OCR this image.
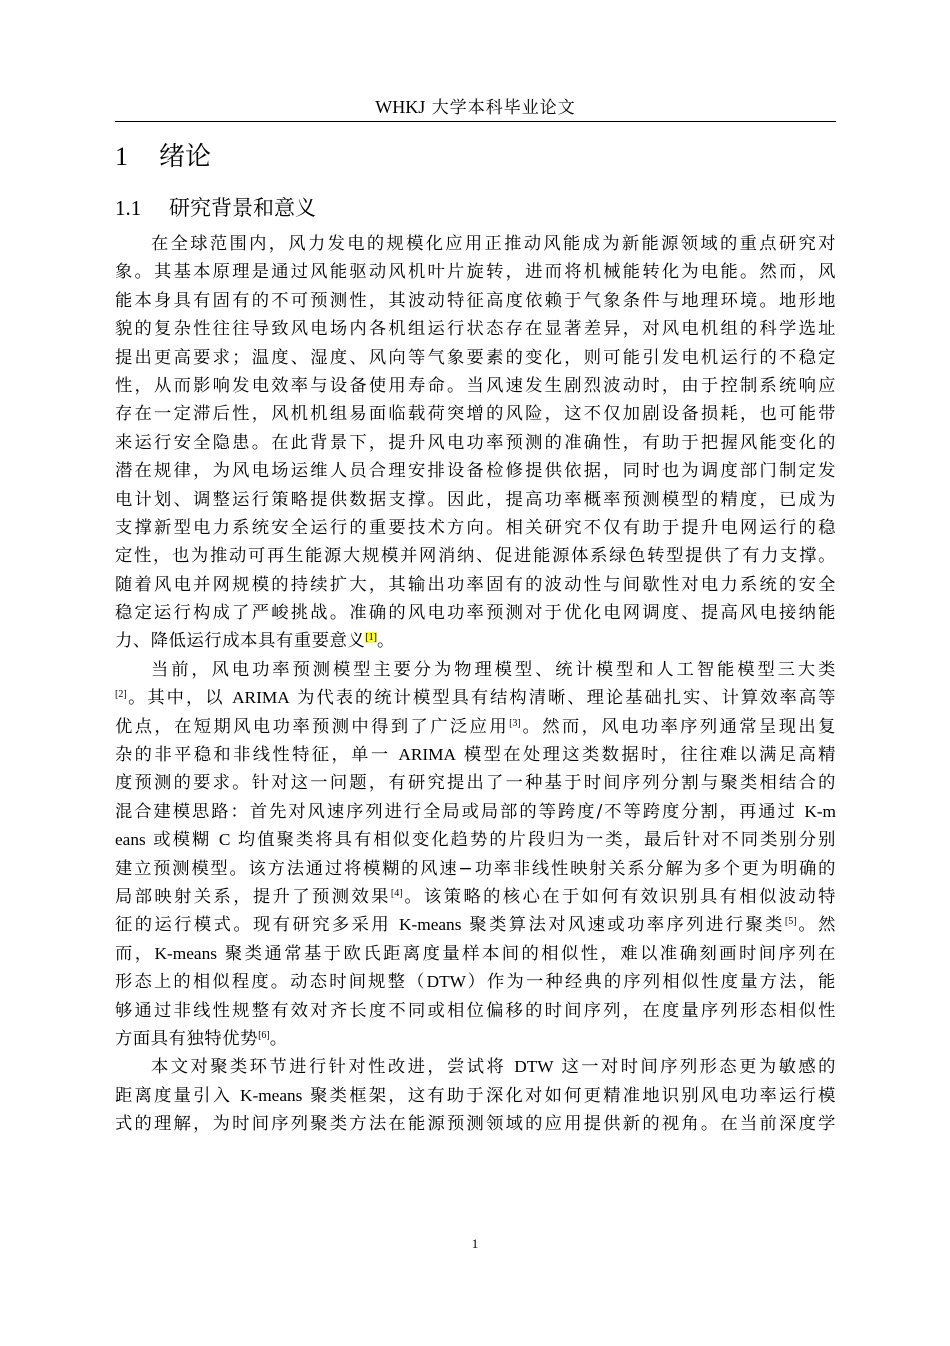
WHKJ 大学本科毕业论文
1 绪论
1.1 研究背景和意义
在全球范围内，风力发电的规模化应用正推动风能成为新能源领域的重点研究对
象。其基本原理是通过风能驱动风机叶片旋转，进而将机械能转化为电能。然而，风
能本身具有固有的不可预测性，其波动特征高度依赖于气象条件与地理环境。地形地
貌的复杂性往往导致风电场内各机组运行状态存在显著差异，对风电机组的科学选址
提出更高要求；温度、湿度、风向等气象要素的变化，则可能引发电机运行的不稳定
性，从而影响发电效率与设备使用寿命。当风速发生剧烈波动时，由于控制系统响应
存在一定滞后性，风机机组易面临载荷突增的风险，这不仅加剧设备损耗，也可能带
来运行安全隐患。在此背景下，提升风电功率预测的准确性，有助于把握风能变化的
潜在规律，为风电场运维人员合理安排设备检修提供依据，同时也为调度部门制定发
电计划、调整运行策略提供数据支撑。因此，提高功率概率预测模型的精度，已成为
支撑新型电力系统安全运行的重要技术方向。相关研究不仅有助于提升电网运行的稳
定性，也为推动可再生能源大规模并网消纳、促进能源体系绿色转型提供了有力支撑。
随着风电并网规模的持续扩大，其输出功率固有的波动性与间歇性对电力系统的安全
稳定运行构成了严峻挑战。准确的风电功率预测对于优化电网调度、提高风电接纳能
力、降低运行成本具有重要意义[1]。
当前，风电功率预测模型主要分为物理模型、统计模型和人工智能模型三大类
[2]。其中，以 ARIMA 为代表的统计模型具有结构清晰、理论基础扎实、计算效率高等
优点，在短期风电功率预测中得到了广泛应用[3]。然而，风电功率序列通常呈现出复
杂的非平稳和非线性特征，单一 ARIMA 模型在处理这类数据时，往往难以满足高精
度预测的要求。针对这一问题，有研究提出了一种基于时间序列分割与聚类相结合的
混合建模思路：首先对风速序列进行全局或局部的等跨度/不等跨度分割，再通过 K-m
eans 或模糊 C 均值聚类将具有相似变化趋势的片段归为一类，最后针对不同类别分别
建立预测模型。该方法通过将模糊的风速−功率非线性映射关系分解为多个更为明确的
局部映射关系，提升了预测效果[4]。该策略的核心在于如何有效识别具有相似波动特
征的运行模式。现有研究多采用 K-means 聚类算法对风速或功率序列进行聚类[5]。然
而，K-means 聚类通常基于欧氏距离度量样本间的相似性，难以准确刻画时间序列在
形态上的相似程度。动态时间规整（DTW）作为一种经典的序列相似性度量方法，能
够通过非线性规整有效对齐长度不同或相位偏移的时间序列，在度量序列形态相似性
方面具有独特优势[6]。
本文对聚类环节进行针对性改进，尝试将 DTW 这一对时间序列形态更为敏感的
距离度量引入 K-means 聚类框架，这有助于深化对如何更精准地识别风电功率运行模
式的理解，为时间序列聚类方法在能源预测领域的应用提供新的视角。在当前深度学
1
